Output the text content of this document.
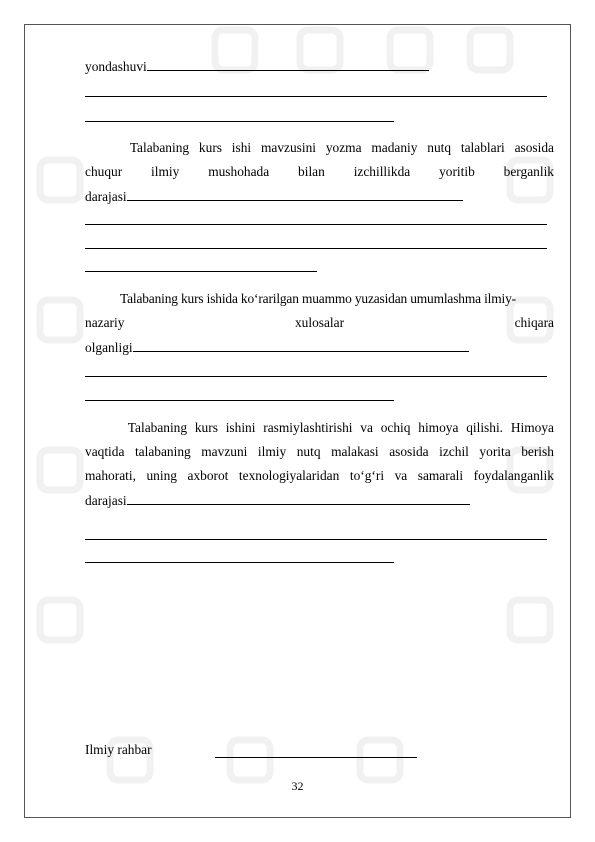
yondashuvi
Talabaning kurs ishi mavzusini yozma madaniy nutq talablari asosida
chuqur ilmiy mushohada bilan izchillikda yoritib berganlik
darajasi
Talabaning kurs ishida ko‘rarilgan muammo yuzasidan umumlashma ilmiy-
nazariy	xulosalar	chiqara
olganligi
Talabaning kurs ishini rasmiylashtirishi va ochiq himoya qilishi. Himoya
vaqtida talabaning mavzuni ilmiy nutq malakasi asosida izchil yorita berish
mahorati, uning axborot texnologiyalaridan to‘g‘ri va samarali foydalanganlik
darajasi
Ilmiy rahbar
32
